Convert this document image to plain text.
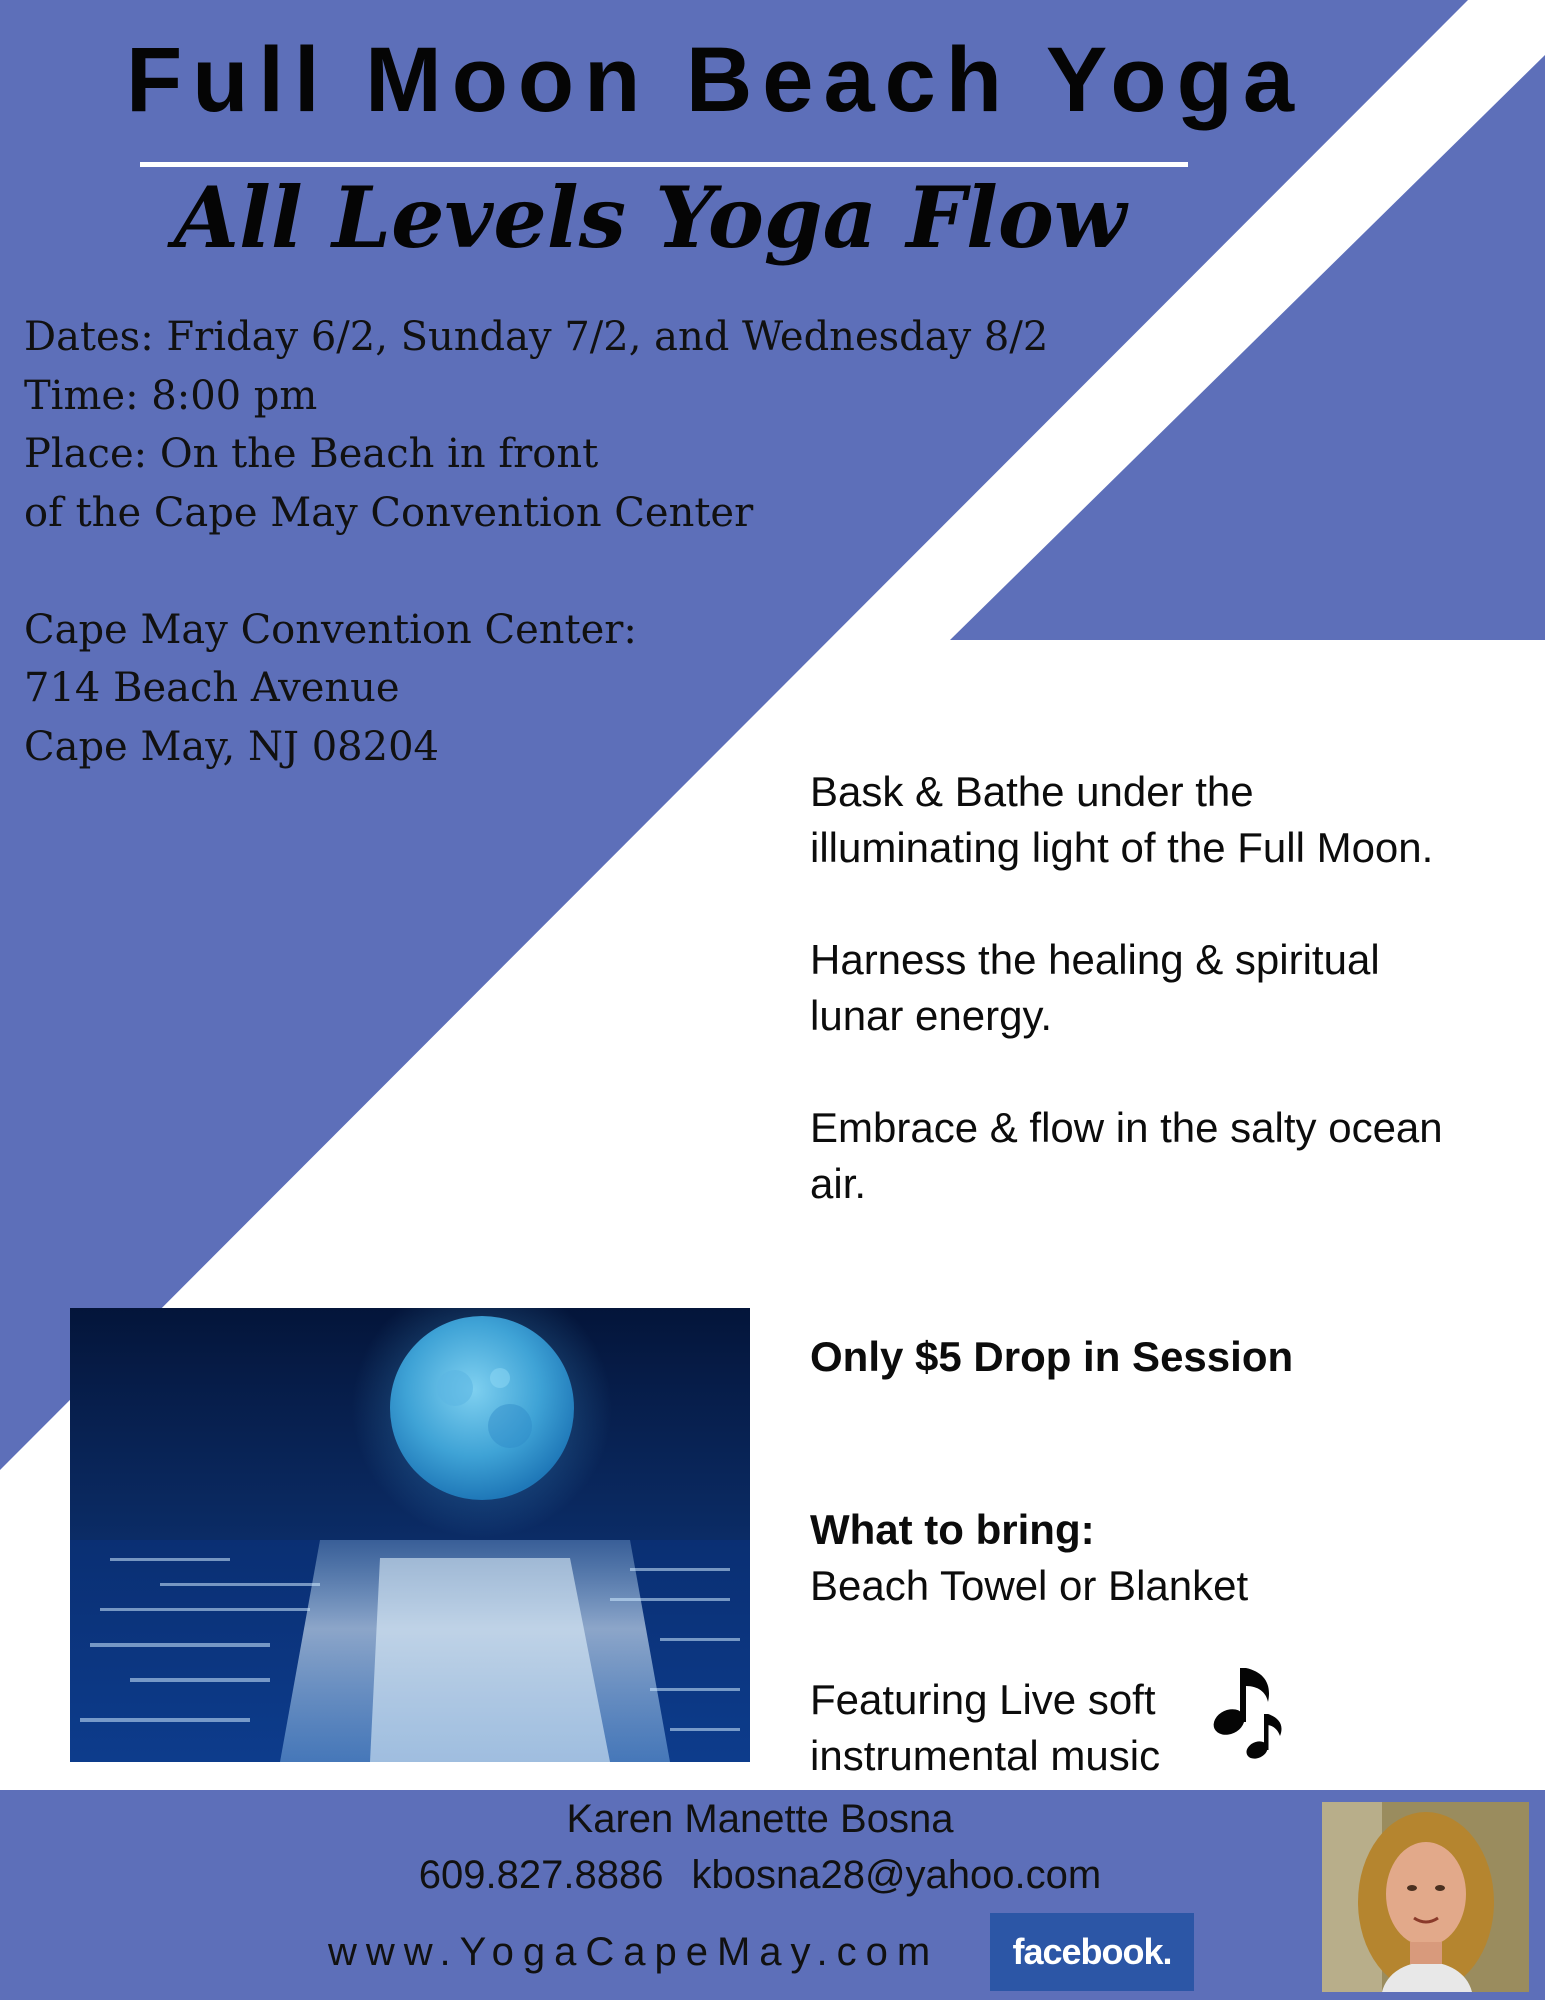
Full Moon Beach Yoga
All Levels Yoga Flow
Dates: Friday 6/2, Sunday 7/2, and Wednesday 8/2
Time: 8:00 pm
Place: On the Beach in front
of the Cape May Convention Center
Cape May Convention Center:
714 Beach Avenue
Cape May, NJ 08204

Bask & Bathe under the
illuminating light of the Full Moon.

Harness the healing & spiritual
lunar energy.

Embrace & flow in the salty ocean
air.

Only $5 Drop in Session

What to bring:
Beach Towel or Blanket

Featuring Live soft
instrumental music

Karen Manette Bosna
609.827.8886 kbosna28@yahoo.com
www.YogaCapeMay.com	facebook.
